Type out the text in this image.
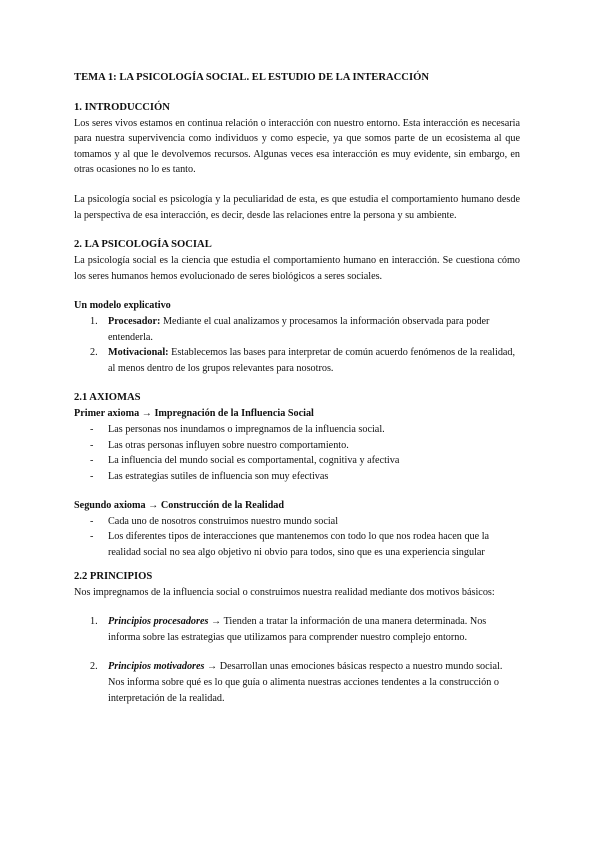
TEMA 1: LA PSICOLOGÍA SOCIAL. EL ESTUDIO DE LA INTERACCIÓN

1. INTRODUCCIÓN

Los seres vivos estamos en continua relación o interacción con nuestro entorno. Esta interacción es necesaria para nuestra supervivencia como individuos y como especie, ya que somos parte de un ecosistema al que tomamos y al que le devolvemos recursos. Algunas veces esa interacción es muy evidente, sin embargo, en otras ocasiones no lo es tanto.

La psicología social es psicología y la peculiaridad de esta, es que estudia el comportamiento humano desde la perspectiva de esa interacción, es decir, desde las relaciones entre la persona y su ambiente.

2. LA PSICOLOGÍA SOCIAL

La psicología social es la ciencia que estudia el comportamiento humano en interacción. Se cuestiona cómo los seres humanos hemos evolucionado de seres biológicos a seres sociales.

Un modelo explicativo

1.	Procesador: Mediante el cual analizamos y procesamos la información observada para poder entenderla.
2.	Motivacional: Establecemos las bases para interpretar de común acuerdo fenómenos de la realidad, al menos dentro de los grupos relevantes para nosotros.
2.1 AXIOMAS

Primer axioma → Impregnación de la Influencia Social

-	Las personas nos inundamos o impregnamos de la influencia social.
-	Las otras personas influyen sobre nuestro comportamiento.
-	La influencia del mundo social es comportamental, cognitiva y afectiva
-	Las estrategias sutiles de influencia son muy efectivas

Segundo axioma → Construcción de la Realidad

-	Cada uno de nosotros construimos nuestro mundo social
-	Los diferentes tipos de interacciones que mantenemos con todo lo que nos rodea hacen que la realidad social no sea algo objetivo ni obvio para todos, sino que es una experiencia singular
2.2 PRINCIPIOS

Nos impregnamos de la influencia social o construimos nuestra realidad mediante dos motivos básicos:

1.	Principios procesadores → Tienden a tratar la información de una manera determinada. Nos informa sobre las estrategias que utilizamos para comprender nuestro complejo entorno.
2.	Principios motivadores → Desarrollan unas emociones básicas respecto a nuestro mundo social. Nos informa sobre qué es lo que guía o alimenta nuestras acciones tendentes a la construcción o interpretación de la realidad.
